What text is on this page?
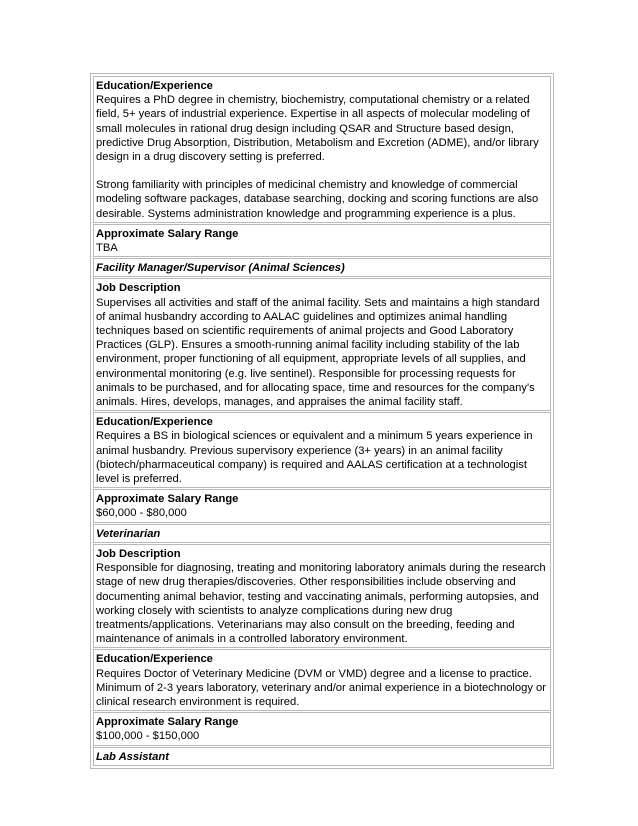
Education/Experience

Requires a PhD degree in chemistry, biochemistry, computational chemistry or a related field, 5+ years of industrial experience. Expertise in all aspects of molecular modeling of small molecules in rational drug design including QSAR and Structure based design, predictive Drug Absorption, Distribution, Metabolism and Excretion (ADME), and/or library design in a drug discovery setting is preferred.

Strong familiarity with principles of medicinal chemistry and knowledge of commercial modeling software packages, database searching, docking and scoring functions are also desirable. Systems administration knowledge and programming experience is a plus.

Approximate Salary Range

TBA

Facility Manager/Supervisor (Animal Sciences)
Job Description

Supervises all activities and staff of the animal facility. Sets and maintains a high standard of animal husbandry according to AALAC guidelines and optimizes animal handling techniques based on scientific requirements of animal projects and Good Laboratory Practices (GLP). Ensures a smooth-running animal facility including stability of the lab environment, proper functioning of all equipment, appropriate levels of all supplies, and environmental monitoring (e.g. live sentinel). Responsible for processing requests for animals to be purchased, and for allocating space, time and resources for the company's animals. Hires, develops, manages, and appraises the animal facility staff.

Education/Experience

Requires a BS in biological sciences or equivalent and a minimum 5 years experience in animal husbandry. Previous supervisory experience (3+ years) in an animal facility (biotech/pharmaceutical company) is required and AALAS certification at a technologist level is preferred.

Approximate Salary Range

$60,000 - $80,000

Veterinarian
Job Description

Responsible for diagnosing, treating and monitoring laboratory animals during the research stage of new drug therapies/discoveries. Other responsibilities include observing and documenting animal behavior, testing and vaccinating animals, performing autopsies, and working closely with scientists to analyze complications during new drug treatments/applications. Veterinarians may also consult on the breeding, feeding and maintenance of animals in a controlled laboratory environment.

Education/Experience

Requires Doctor of Veterinary Medicine (DVM or VMD) degree and a license to practice. Minimum of 2-3 years laboratory, veterinary and/or animal experience in a biotechnology or clinical research environment is required.

Approximate Salary Range

$100,000 - $150,000

Lab Assistant
